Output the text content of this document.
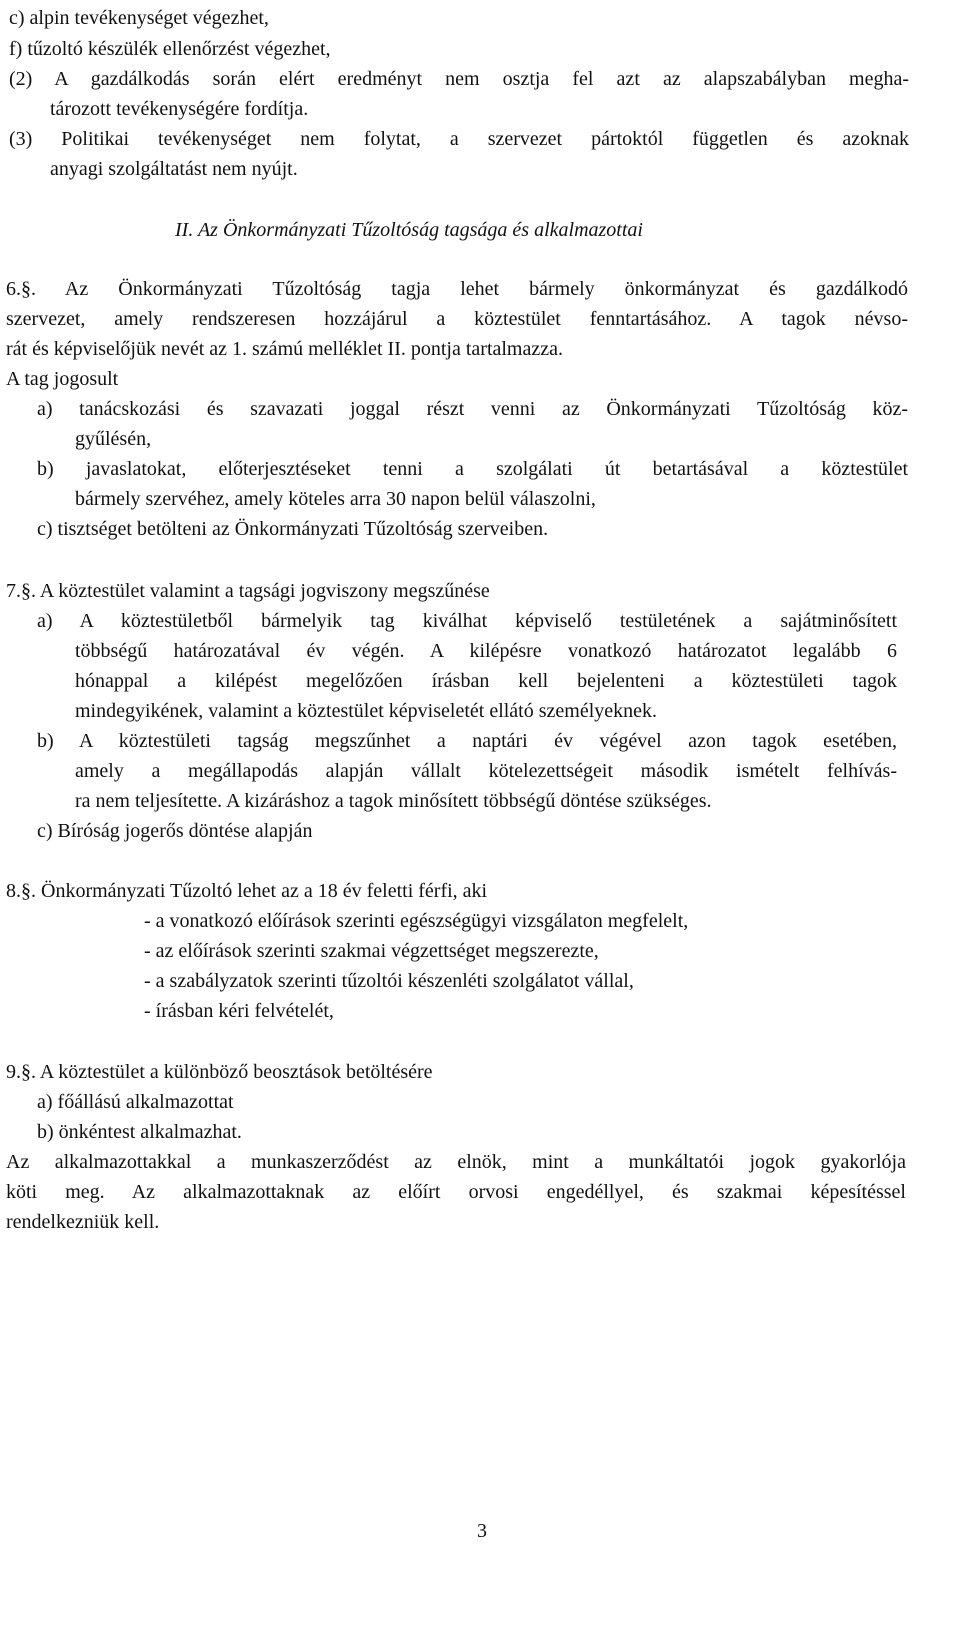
c) alpin tevékenységet végezhet,
f) tűzoltó készülék ellenőrzést végezhet,
(2) A gazdálkodás során elért eredményt nem osztja fel azt az alapszabályban megha-
tározott tevékenységére fordítja.
(3) Politikai tevékenységet nem folytat, a szervezet pártoktól független és azoknak
anyagi szolgáltatást nem nyújt.
II. Az Önkormányzati Tűzoltóság tagsága és alkalmazottai
6.§. Az Önkormányzati Tűzoltóság tagja lehet bármely önkormányzat és gazdálkodó
szervezet, amely rendszeresen hozzájárul a köztestület fenntartásához. A tagok névso-
rát és képviselőjük nevét az 1. számú melléklet II. pontja tartalmazza.
A tag jogosult
a) tanácskozási és szavazati joggal részt venni az Önkormányzati Tűzoltóság köz-
gyűlésén,
b) javaslatokat, előterjesztéseket tenni a szolgálati út betartásával a köztestület
bármely szervéhez, amely köteles arra 30 napon belül válaszolni,
c) tisztséget betölteni az Önkormányzati Tűzoltóság szerveiben.
7.§. A köztestület valamint a tagsági jogviszony megszűnése
a) A köztestületből bármelyik tag kiválhat képviselő testületének a sajátminősített
többségű határozatával év végén. A kilépésre vonatkozó határozatot legalább 6
hónappal a kilépést megelőzően írásban kell bejelenteni a köztestületi tagok
mindegyikének, valamint a köztestület képviseletét ellátó személyeknek.
b) A köztestületi tagság megszűnhet a naptári év végével azon tagok esetében,
amely a megállapodás alapján vállalt kötelezettségeit második ismételt felhívás-
ra nem teljesítette. A kizáráshoz a tagok minősített többségű döntése szükséges.
c) Bíróság jogerős döntése alapján
8.§. Önkormányzati Tűzoltó lehet az a 18 év feletti férfi, aki
- a vonatkozó előírások szerinti egészségügyi vizsgálaton megfelelt,
- az előírások szerinti szakmai végzettséget megszerezte,
- a szabályzatok szerinti tűzoltói készenléti szolgálatot vállal,
- írásban kéri felvételét,
9.§. A köztestület a különböző beosztások betöltésére
a) főállású alkalmazottat
b) önkéntest alkalmazhat.
Az alkalmazottakkal a munkaszerződést az elnök, mint a munkáltatói jogok gyakorlója
köti meg. Az alkalmazottaknak az előírt orvosi engedéllyel, és szakmai képesítéssel
rendelkezniük kell.
3
